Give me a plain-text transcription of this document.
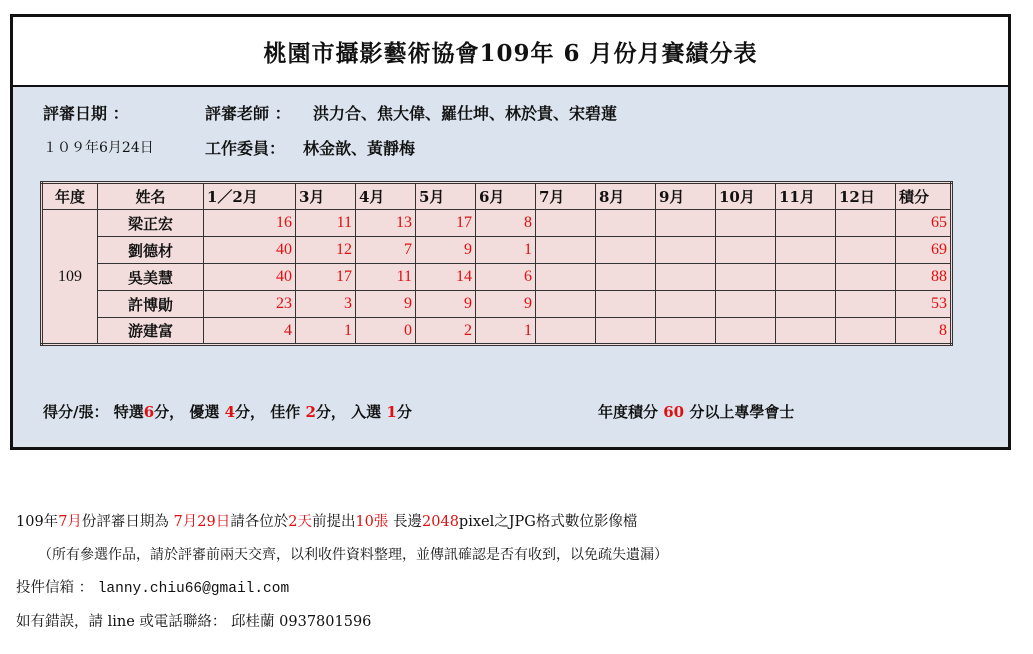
桃園市攝影藝術協會109年 6 月份月賽績分表
評審日期 ：	評審老師 ： 洪力合、焦大偉、羅仕坤、林於貴、宋碧蓮
１０９年6月24日	工作委員： 林金歆、黃靜梅
年度	姓名	1／2月	3月	4月	5月	6月	7月	8月	9月	10月	11月	12日	積分
109	梁正宏	16	11	13	17	8							65
	劉德材	40	12	7	9	1							69
	吳美慧	40	17	11	14	6							88
	許博勛	23	3	9	9	9							53
	游建富	4	1	0	2	1							8
得分/張： 特選6分， 優選 4分， 佳作 2分， 入選 1分	年度積分 60 分以上專學會士
109年7月份評審日期為 7月29日請各位於2天前提出10張 長邊2048pixel之JPG格式數位影像檔
（所有參選作品，請於評審前兩天交齊，以利收件資料整理，並傳訊確認是否有收到，以免疏失遺漏）
投件信箱 ： lanny.chiu66@gmail.com
如有錯誤，請 line 或電話聯絡： 邱桂蘭 0937801596
